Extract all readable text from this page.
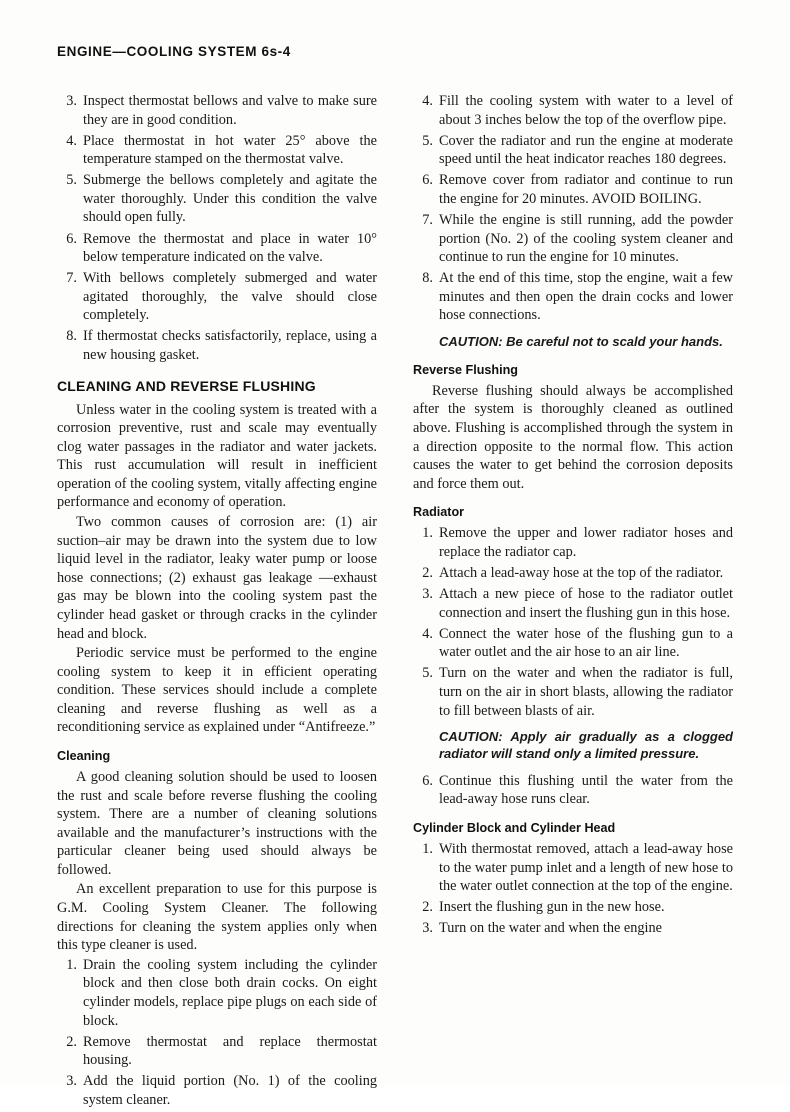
ENGINE—COOLING SYSTEM 6s-4
3. Inspect thermostat bellows and valve to make sure they are in good condition.
4. Place thermostat in hot water 25° above the temperature stamped on the thermostat valve.
5. Submerge the bellows completely and agitate the water thoroughly. Under this condition the valve should open fully.
6. Remove the thermostat and place in water 10° below temperature indicated on the valve.
7. With bellows completely submerged and water agitated thoroughly, the valve should close completely.
8. If thermostat checks satisfactorily, replace, using a new housing gasket.
CLEANING AND REVERSE FLUSHING

Unless water in the cooling system is treated with a corrosion preventive, rust and scale may eventually clog water passages in the radiator and water jackets. This rust accumulation will result in inefficient operation of the cooling system, vitally affecting engine performance and economy of operation.

Two common causes of corrosion are: (1) air suction–air may be drawn into the system due to low liquid level in the radiator, leaky water pump or loose hose connections; (2) exhaust gas leakage —exhaust gas may be blown into the cooling system past the cylinder head gasket or through cracks in the cylinder head and block.

Periodic service must be performed to the engine cooling system to keep it in efficient operating condition. These services should include a complete cleaning and reverse flushing as well as a reconditioning service as explained under “Antifreeze.”

Cleaning

A good cleaning solution should be used to loosen the rust and scale before reverse flushing the cooling system. There are a number of cleaning solutions available and the manufacturer’s instructions with the particular cleaner being used should always be followed.

An excellent preparation to use for this purpose is G.M. Cooling System Cleaner. The following directions for cleaning the system applies only when this type cleaner is used.

1. Drain the cooling system including the cylinder block and then close both drain cocks. On eight cylinder models, replace pipe plugs on each side of block.
2. Remove thermostat and replace thermostat housing.
3. Add the liquid portion (No. 1) of the cooling system cleaner.
4. Fill the cooling system with water to a level of about 3 inches below the top of the overflow pipe.
5. Cover the radiator and run the engine at moderate speed until the heat indicator reaches 180 degrees.
6. Remove cover from radiator and continue to run the engine for 20 minutes. AVOID BOILING.
7. While the engine is still running, add the powder portion (No. 2) of the cooling system cleaner and continue to run the engine for 10 minutes.
8. At the end of this time, stop the engine, wait a few minutes and then open the drain cocks and lower hose connections.
CAUTION: Be careful not to scald your hands.
Reverse Flushing

Reverse flushing should always be accomplished after the system is thoroughly cleaned as outlined above. Flushing is accomplished through the system in a direction opposite to the normal flow. This action causes the water to get behind the corrosion deposits and force them out.

Radiator
1. Remove the upper and lower radiator hoses and replace the radiator cap.
2. Attach a lead-away hose at the top of the radiator.
3. Attach a new piece of hose to the radiator outlet connection and insert the flushing gun in this hose.
4. Connect the water hose of the flushing gun to a water outlet and the air hose to an air line.
5. Turn on the water and when the radiator is full, turn on the air in short blasts, allowing the radiator to fill between blasts of air.
CAUTION: Apply air gradually as a clogged radiator will stand only a limited pressure.
6. Continue this flushing until the water from the lead-away hose runs clear.
Cylinder Block and Cylinder Head
1. With thermostat removed, attach a lead-away hose to the water pump inlet and a length of new hose to the water outlet connection at the top of the engine.
2. Insert the flushing gun in the new hose.
3. Turn on the water and when the engine
